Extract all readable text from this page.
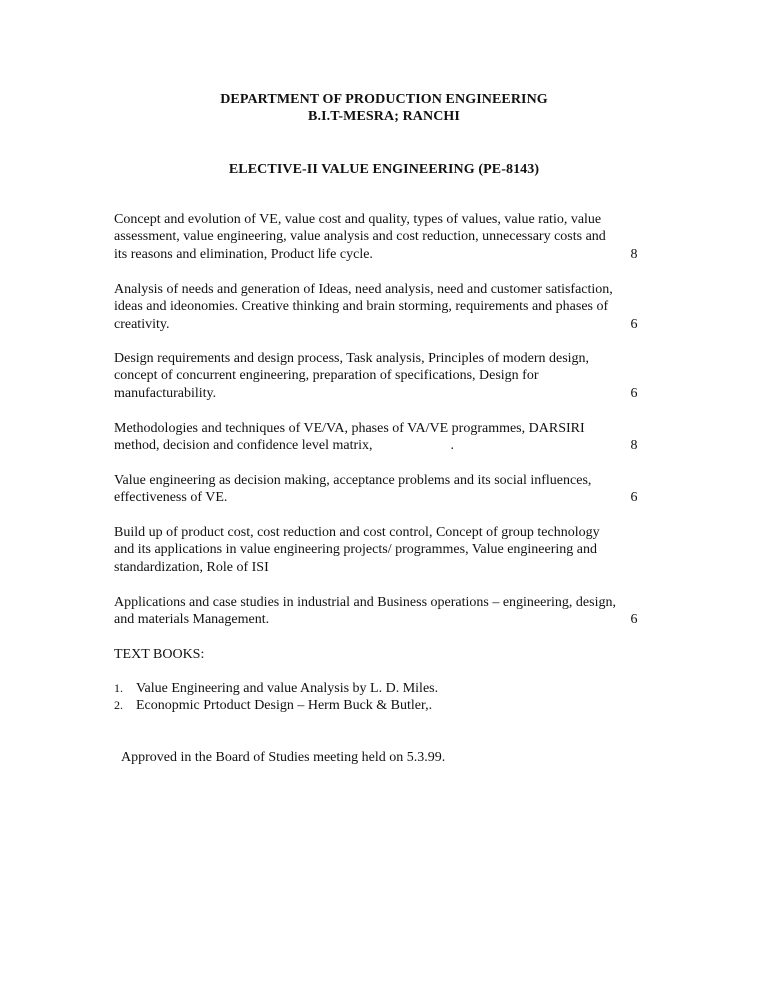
DEPARTMENT OF PRODUCTION ENGINEERING
B.I.T-MESRA; RANCHI
ELECTIVE-II VALUE ENGINEERING (PE-8143)
Concept and evolution of VE, value cost and quality, types of values, value ratio, value
assessment, value engineering, value analysis and cost reduction, unnecessary costs and
its reasons and elimination, Product life cycle.	8
Analysis of needs and generation of Ideas, need analysis, need and customer satisfaction,
ideas and ideonomies. Creative thinking and brain storming, requirements and phases of
creativity.	6
Design requirements and design process, Task analysis, Principles of modern design,
concept of concurrent engineering, preparation of specifications, Design for
manufacturability.	6
Methodologies and techniques of VE/VA, phases of VA/VE programmes, DARSIRI
method, decision and confidence level matrix,	.	8
Value engineering as decision making, acceptance problems and its social influences,
effectiveness of VE.	6
Build up of product cost, cost reduction and cost control, Concept of group technology
and its applications in value engineering projects/ programmes, Value engineering and
standardization, Role of ISI
Applications and case studies in industrial and Business operations – engineering, design,
and materials Management.	6
TEXT BOOKS:
1. Value Engineering and value Analysis by L. D. Miles.
2. Econopmic Prtoduct Design – Herm Buck & Butler,.
Approved in the Board of Studies meeting held on 5.3.99.
